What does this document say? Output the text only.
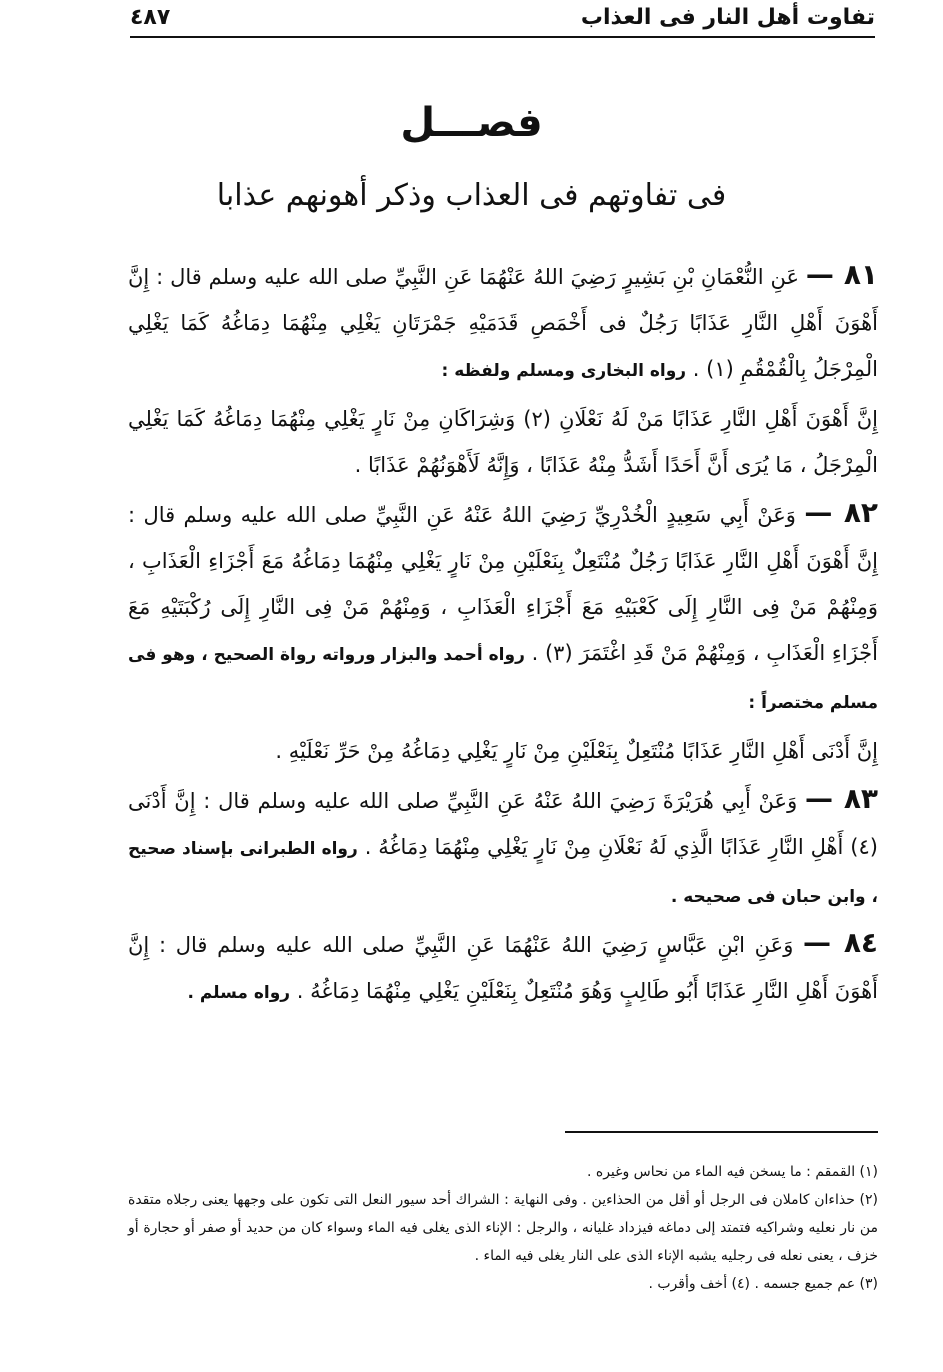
تفاوت أهل النار فى العذاب
٤٨٧
فصـــل
فى تفاوتهم فى العذاب وذكر أهونهم عذابا

٨١ — عَنِ النُّعْمَانِ بْنِ بَشِيرٍ رَضِيَ اللهُ عَنْهُمَا عَنِ النَّبِيِّ صلى الله عليه وسلم قال : إِنَّ أَهْوَنَ أَهْلِ النَّارِ عَذَابًا رَجُلٌ فى أَخْمَصِ قَدَمَيْهِ جَمْرَتَانِ يَغْلِي مِنْهُمَا دِمَاغُهُ كَمَا يَغْلِي الْمِرْجَلُ بِالْقُمْقُمِ (١) . رواه البخارى ومسلم ولفظه :

إِنَّ أَهْوَنَ أَهْلِ النَّارِ عَذَابًا مَنْ لَهُ نَعْلَانِ (٢) وَشِرَاكَانِ مِنْ نَارٍ يَغْلِي مِنْهُمَا دِمَاغُهُ كَمَا يَغْلِي الْمِرْجَلُ ، مَا يُرَى أَنَّ أَحَدًا أَشَدُّ مِنْهُ عَذَابًا ، وَإِنَّهُ لَأَهْوَنُهُمْ عَذَابًا .

٨٢ — وَعَنْ أَبِي سَعِيدٍ الْخُدْرِيِّ رَضِيَ اللهُ عَنْهُ عَنِ النَّبِيِّ صلى الله عليه وسلم قال : إِنَّ أَهْوَنَ أَهْلِ النَّارِ عَذَابًا رَجُلٌ مُنْتَعِلٌ بِنَعْلَيْنِ مِنْ نَارٍ يَغْلِي مِنْهُمَا دِمَاغُهُ مَعَ أَجْزَاءِ الْعَذَابِ ، وَمِنْهُمْ مَنْ فِى النَّارِ إِلَى كَعْبَيْهِ مَعَ أَجْزَاءِ الْعَذَابِ ، وَمِنْهُمْ مَنْ فِى النَّارِ إِلَى رُكْبَتَيْهِ مَعَ أَجْزَاءِ الْعَذَابِ ، وَمِنْهُمْ مَنْ قَدِ اغْتَمَرَ (٣) . رواه أحمد والبزار ورواته رواة الصحيح ، وهو فى مسلم مختصراً :

إِنَّ أَدْنَى أَهْلِ النَّارِ عَذَابًا مُنْتَعِلٌ بِنَعْلَيْنِ مِنْ نَارٍ يَغْلِي دِمَاغُهُ مِنْ حَرِّ نَعْلَيْهِ .

٨٣ — وَعَنْ أَبِي هُرَيْرَةَ رَضِيَ اللهُ عَنْهُ عَنِ النَّبِيِّ صلى الله عليه وسلم قال : إِنَّ أَدْنَى (٤) أَهْلِ النَّارِ عَذَابًا الَّذِي لَهُ نَعْلَانِ مِنْ نَارٍ يَغْلِي مِنْهُمَا دِمَاغُهُ . رواه الطبرانى بإسناد صحيح ، وابن حبان فى صحيحه .

٨٤ — وَعَنِ ابْنِ عَبَّاسٍ رَضِيَ اللهُ عَنْهُمَا عَنِ النَّبِيِّ صلى الله عليه وسلم قال : إِنَّ أَهْوَنَ أَهْلِ النَّارِ عَذَابًا أَبُو طَالِبٍ وَهُوَ مُنْتَعِلٌ بِنَعْلَيْنِ يَغْلِي مِنْهُمَا دِمَاغُهُ . رواه مسلم .

(١) القمقم : ما يسخن فيه الماء من نحاس وغيره .

(٢) حذاءان كاملان فى الرجل أو أقل من الحذاءين . وفى النهاية : الشراك أحد سيور النعل التى تكون على وجهها يعنى رجلاه متقدة من نار نعليه وشراكيه فتمتد إلى دماغه فيزداد غليانه ، والرجل : الإناء الذى يغلى فيه الماء وسواء كان من حديد أو صفر أو حجارة أو خزف ، يعنى نعله فى رجليه يشبه الإناء الذى على النار يغلى فيه الماء .

(٣) عم جميع جسمه . (٤) أخف وأقرب .
